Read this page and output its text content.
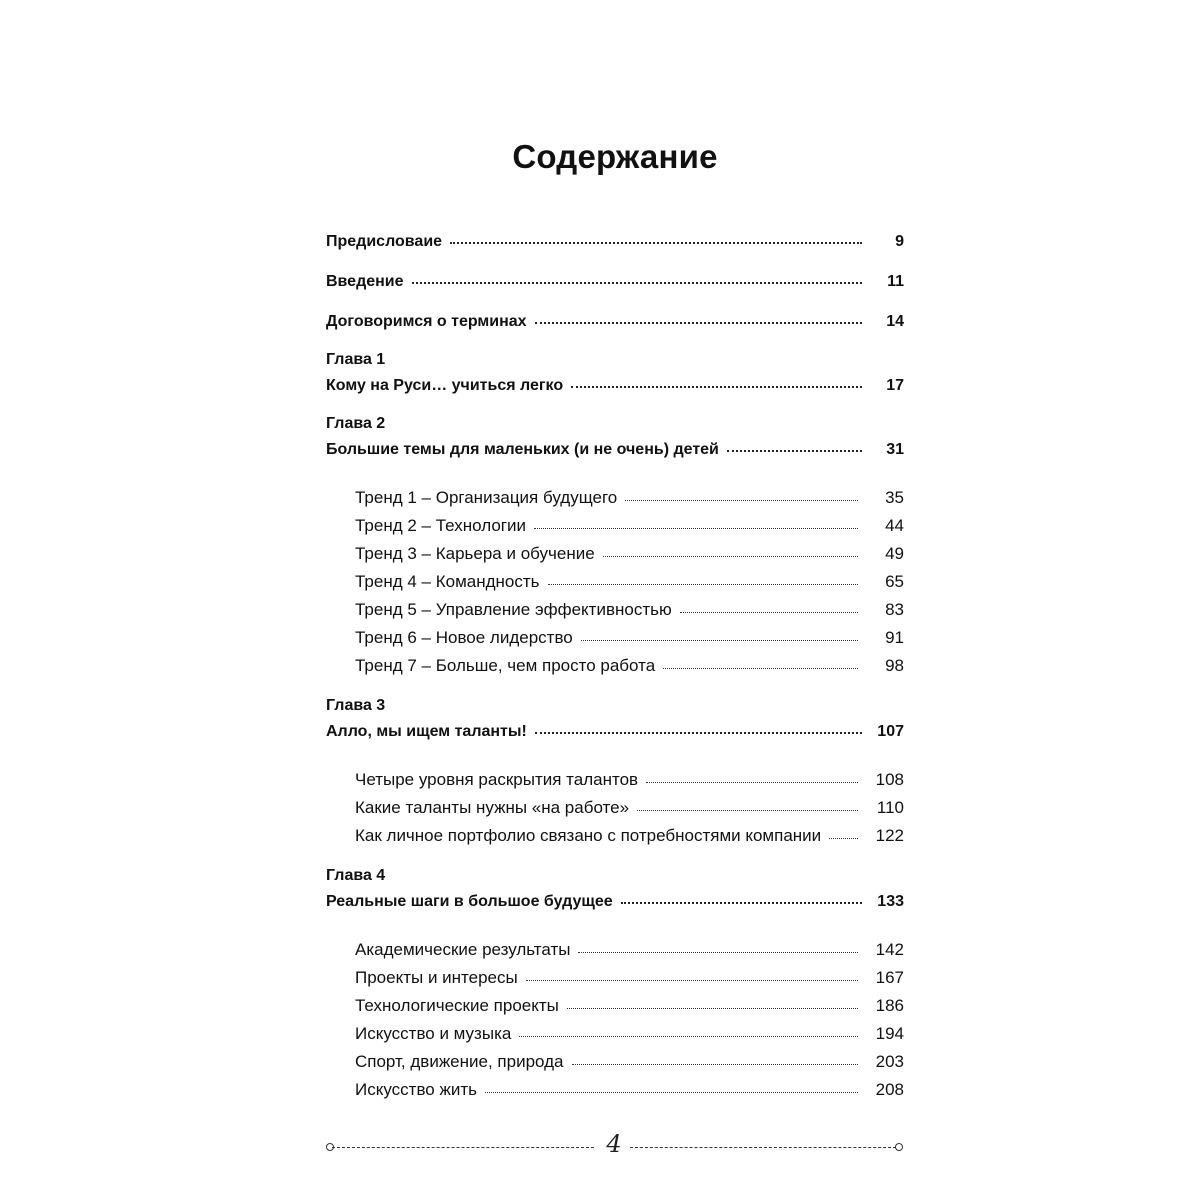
Содержание
Предисловаие	9
Введение	11
Договоримся о терминах	14
Глава 1
Кому на Руси… учиться легко	17
Глава 2
Большие темы для маленьких (и не очень) детей	31
Тренд 1 – Организация будущего	35
Тренд 2 – Технологии	44
Тренд 3 – Карьера и обучение	49
Тренд 4 – Командность	65
Тренд 5 – Управление эффективностью	83
Тренд 6 – Новое лидерство	91
Тренд 7 – Больше, чем просто работа	98
Глава 3
Алло, мы ищем таланты!	107
Четыре уровня раскрытия талантов	108
Какие таланты нужны «на работе»	110
Как личное портфолио связано с потребностями компании	122
Глава 4
Реальные шаги в большое будущее	133
Академические результаты	142
Проекты и интересы	167
Технологические проекты	186
Искусство и музыка	194
Спорт, движение, природа	203
Искусство жить	208
4
